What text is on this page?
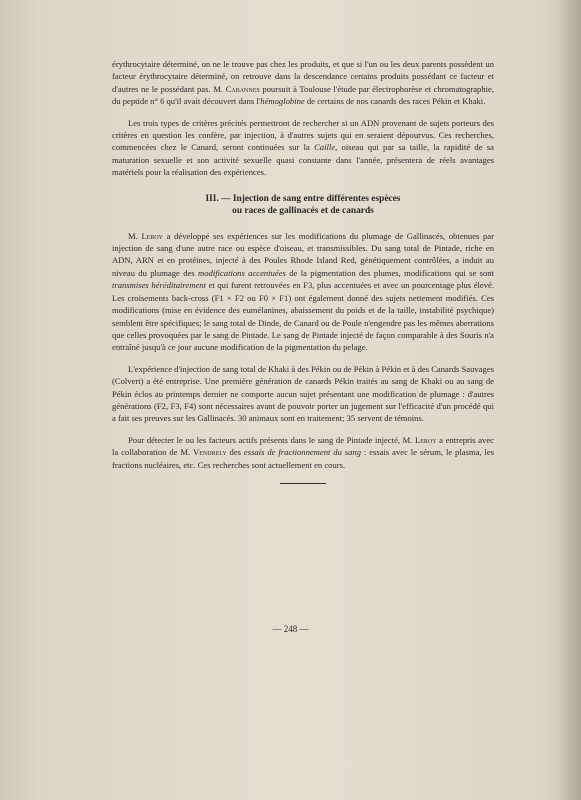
érythrocytaire déterminé, on ne le trouve pas chez les produits, et que si l'un ou les deux parents possèdent un facteur érythrocytaire déterminé, on retrouve dans la descendance certains produits possédant ce facteur et d'autres ne le possédant pas. M. Cabannes poursuit à Toulouse l'étude par électrophorèse et chromatographie, du peptide n° 6 qu'il avait découvert dans l'hémoglobine de certains de nos canards des races Pékin et Khaki.

Les trois types de critères précités permettront de rechercher si un ADN provenant de sujets porteurs des critères en question les confère, par injection, à d'autres sujets qui en seraient dépourvus. Ces recherches, commencées chez le Canard, seront continuées sur la Caille, oiseau qui par sa taille, la rapidité de sa maturation sexuelle et son activité sexuelle quasi constante dans l'année, présentera de réels avantages matériels pour la réalisation des expériences.

III. — Injection de sang entre différentes espèces
ou races de gallinacés et de canards

M. Leroy a développé ses expériences sur les modifications du plumage de Gallinacés, obtenues par injection de sang d'une autre race ou espèce d'oiseau, et transmissibles. Du sang total de Pintade, riche en ADN, ARN et en protéines, injecté à des Poules Rhode Island Red, génétiquement contrôlées, a induit au niveau du plumage des modifications accentuées de la pigmentation des plumes, modifications qui se sont transmises héréditairement et qui furent retrouvées en F3, plus accentuées et avec un pourcentage plus élevé. Les croisements back-cross (F1 × F2 ou F0 × F1) ont également donné des sujets nettement modifiés. Ces modifications (mise en évidence des eumélanines, abaissement du poids et de la taille, instabilité psychique) semblent être spécifiques; le sang total de Dinde, de Canard ou de Poule n'engendre pas les mêmes aberrations que celles provoquées par le sang de Pintade. Le sang de Pintade injecté de façon comparable à des Souris n'a entraîné jusqu'à ce jour aucune modification de la pigmentation du pelage.

L'expérience d'injection de sang total de Khaki à des Pékin ou de Pékin à Pékin et à des Canards Sauvages (Colvert) a été entreprise. Une première génération de canards Pékin traités au sang de Khaki ou au sang de Pékin éclos au printemps dernier ne comporte aucun sujet présentant une modification de plumage : d'autres générations (F2, F3, F4) sont nécessaires avant de pouvoir porter un jugement sur l'efficacité d'un procédé qui a fait ses preuves sur les Gallinacés. 30 animaux sont en traitement; 35 servent de témoins.

Pour détecter le ou les facteurs actifs présents dans le sang de Pintade injecté, M. Leroy a entrepris avec la collaboration de M. Vendrely des essais de fractionnement du sang : essais avec le sérum, le plasma, les fractions nucléaires, etc. Ces recherches sont actuellement en cours.

— 248 —
